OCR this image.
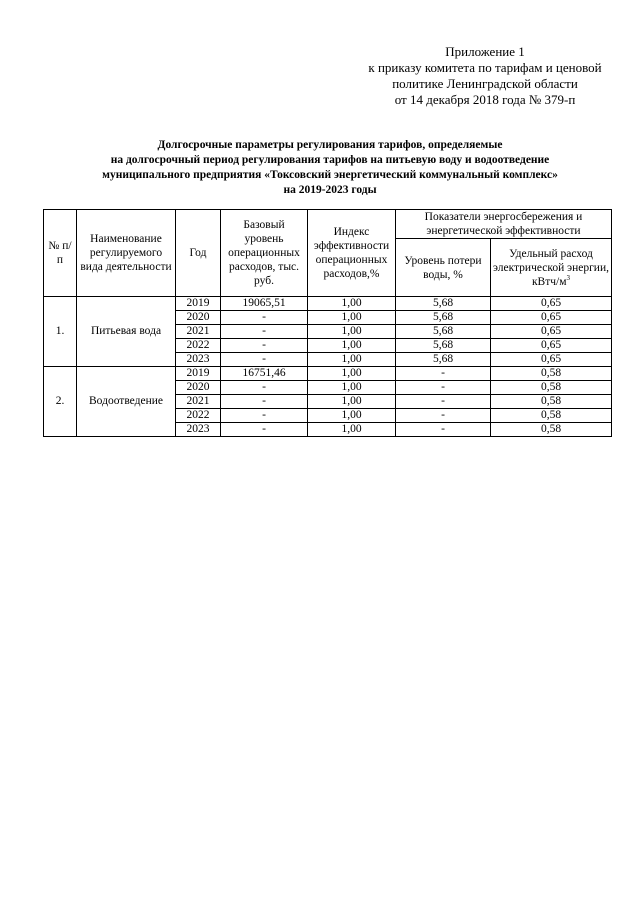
Приложение 1
к приказу комитета по тарифам и ценовой
политике Ленинградской области
от 14 декабря 2018 года № 379-п
Долгосрочные параметры регулирования тарифов, определяемые
на долгосрочный период регулирования тарифов на питьевую воду и водоотведение
муниципального предприятия «Токсовский энергетический коммунальный комплекс»
на 2019-2023 годы
№ п/п	Наименование регулируемого вида деятельности	Год	Базовый уровень операционных расходов, тыс. руб.	Индекс эффективности операционных расходов,%	Показатели энергосбережения и энергетической эффективности	
					Уровень потери воды, %	Удельный расход электрической энергии, кВтч/$м^3$
1.	Питьевая вода	2019	19065,51	1,00	5,68	0,65
		2020	-	1,00	5,68	0,65
		2021	-	1,00	5,68	0,65
		2022	-	1,00	5,68	0,65
		2023	-	1,00	5,68	0,65
2.	Водоотведение	2019	16751,46	1,00	-	0,58
		2020	-	1,00	-	0,58
		2021	-	1,00	-	0,58
		2022	-	1,00	-	0,58
		2023	-	1,00	-	0,58
